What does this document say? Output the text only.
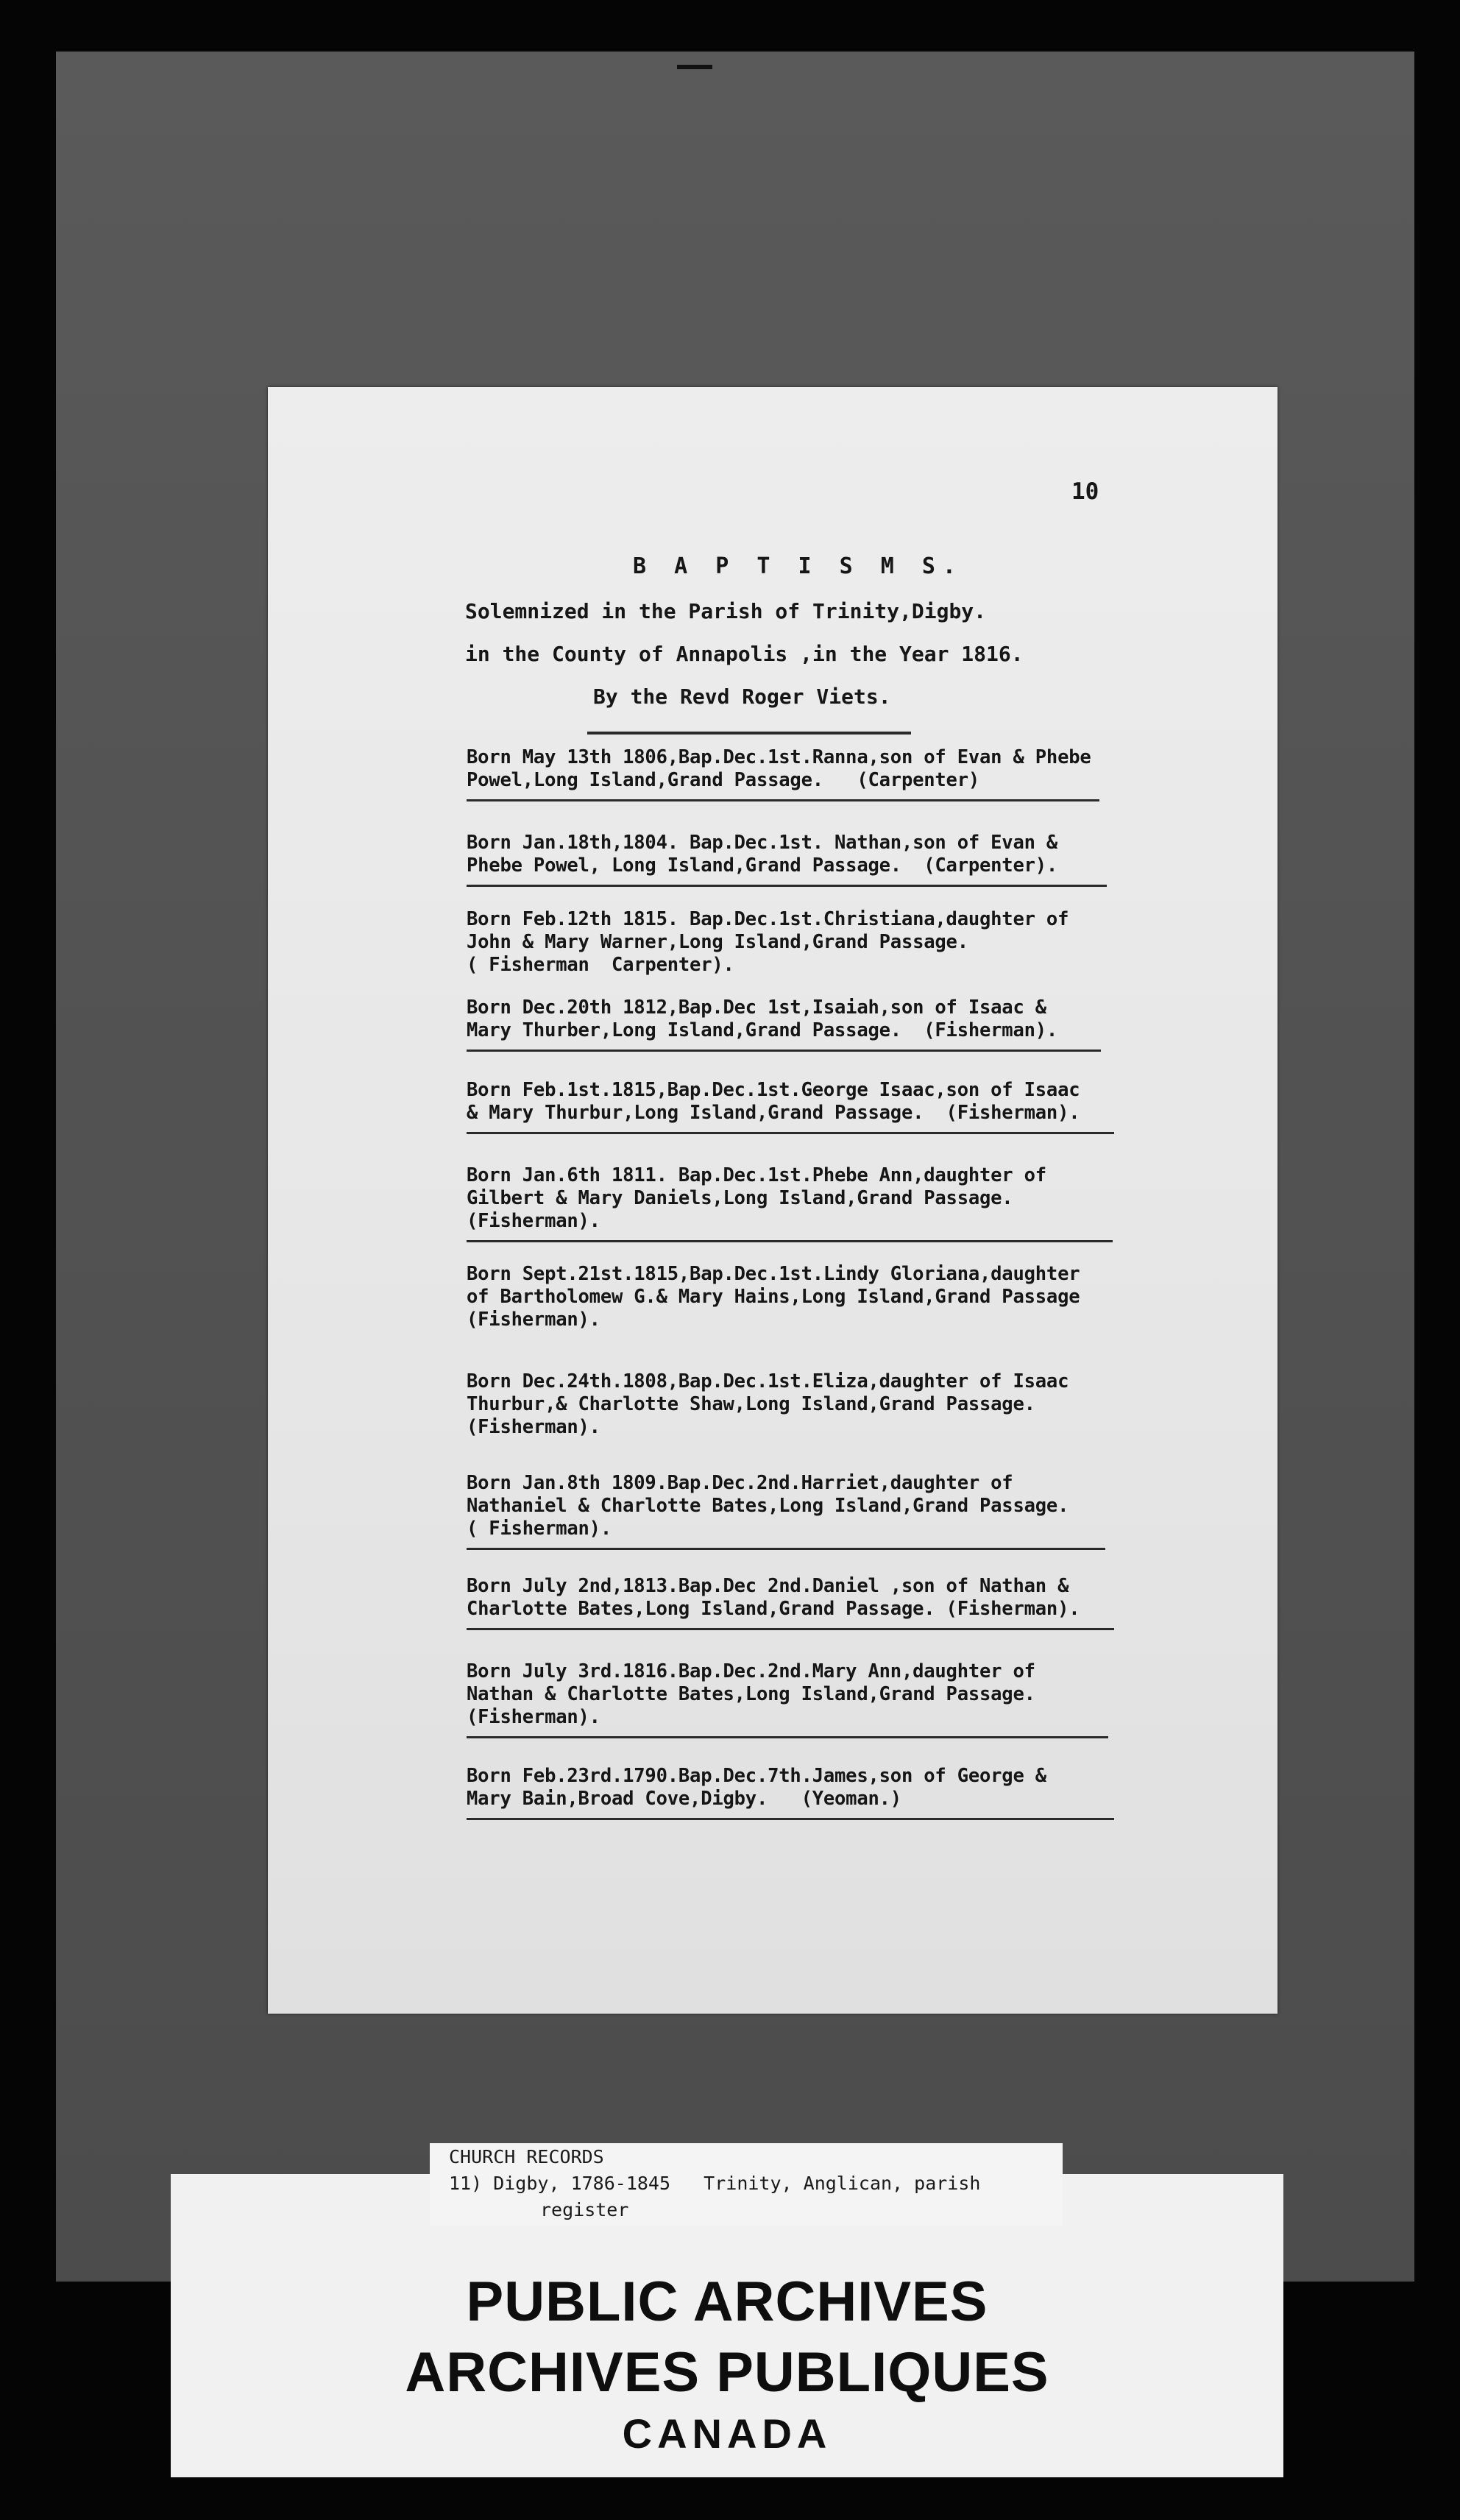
10
B A P T I S M S.
Solemnized in the Parish of Trinity,Digby.
in the County of Annapolis ,in the Year 1816.
By the Revd Roger Viets.
Born May 13th 1806,Bap.Dec.1st.Ranna,son of Evan & Phebe
Powel,Long Island,Grand Passage.   (Carpenter)
Born Jan.18th,1804. Bap.Dec.1st. Nathan,son of Evan &
Phebe Powel, Long Island,Grand Passage.  (Carpenter).
Born Feb.12th 1815. Bap.Dec.1st.Christiana,daughter of
John & Mary Warner,Long Island,Grand Passage.
( Fisherman  Carpenter).
Born Dec.20th 1812,Bap.Dec 1st,Isaiah,son of Isaac &
Mary Thurber,Long Island,Grand Passage.  (Fisherman).
Born Feb.1st.1815,Bap.Dec.1st.George Isaac,son of Isaac
& Mary Thurbur,Long Island,Grand Passage.  (Fisherman).
Born Jan.6th 1811. Bap.Dec.1st.Phebe Ann,daughter of
Gilbert & Mary Daniels,Long Island,Grand Passage.
(Fisherman).
Born Sept.21st.1815,Bap.Dec.1st.Lindy Gloriana,daughter
of Bartholomew G.& Mary Hains,Long Island,Grand Passage
(Fisherman).
Born Dec.24th.1808,Bap.Dec.1st.Eliza,daughter of Isaac
Thurbur,& Charlotte Shaw,Long Island,Grand Passage.
(Fisherman).
Born Jan.8th 1809.Bap.Dec.2nd.Harriet,daughter of
Nathaniel & Charlotte Bates,Long Island,Grand Passage.
( Fisherman).
Born July 2nd,1813.Bap.Dec 2nd.Daniel ,son of Nathan &
Charlotte Bates,Long Island,Grand Passage. (Fisherman).
Born July 3rd.1816.Bap.Dec.2nd.Mary Ann,daughter of
Nathan & Charlotte Bates,Long Island,Grand Passage.
(Fisherman).
Born Feb.23rd.1790.Bap.Dec.7th.James,son of George &
Mary Bain,Broad Cove,Digby.   (Yeoman.)
PUBLIC ARCHIVES
ARCHIVES PUBLIQUES
CANADA
CHURCH RECORDS
11) Digby, 1786-1845   Trinity, Anglican, parish
register
